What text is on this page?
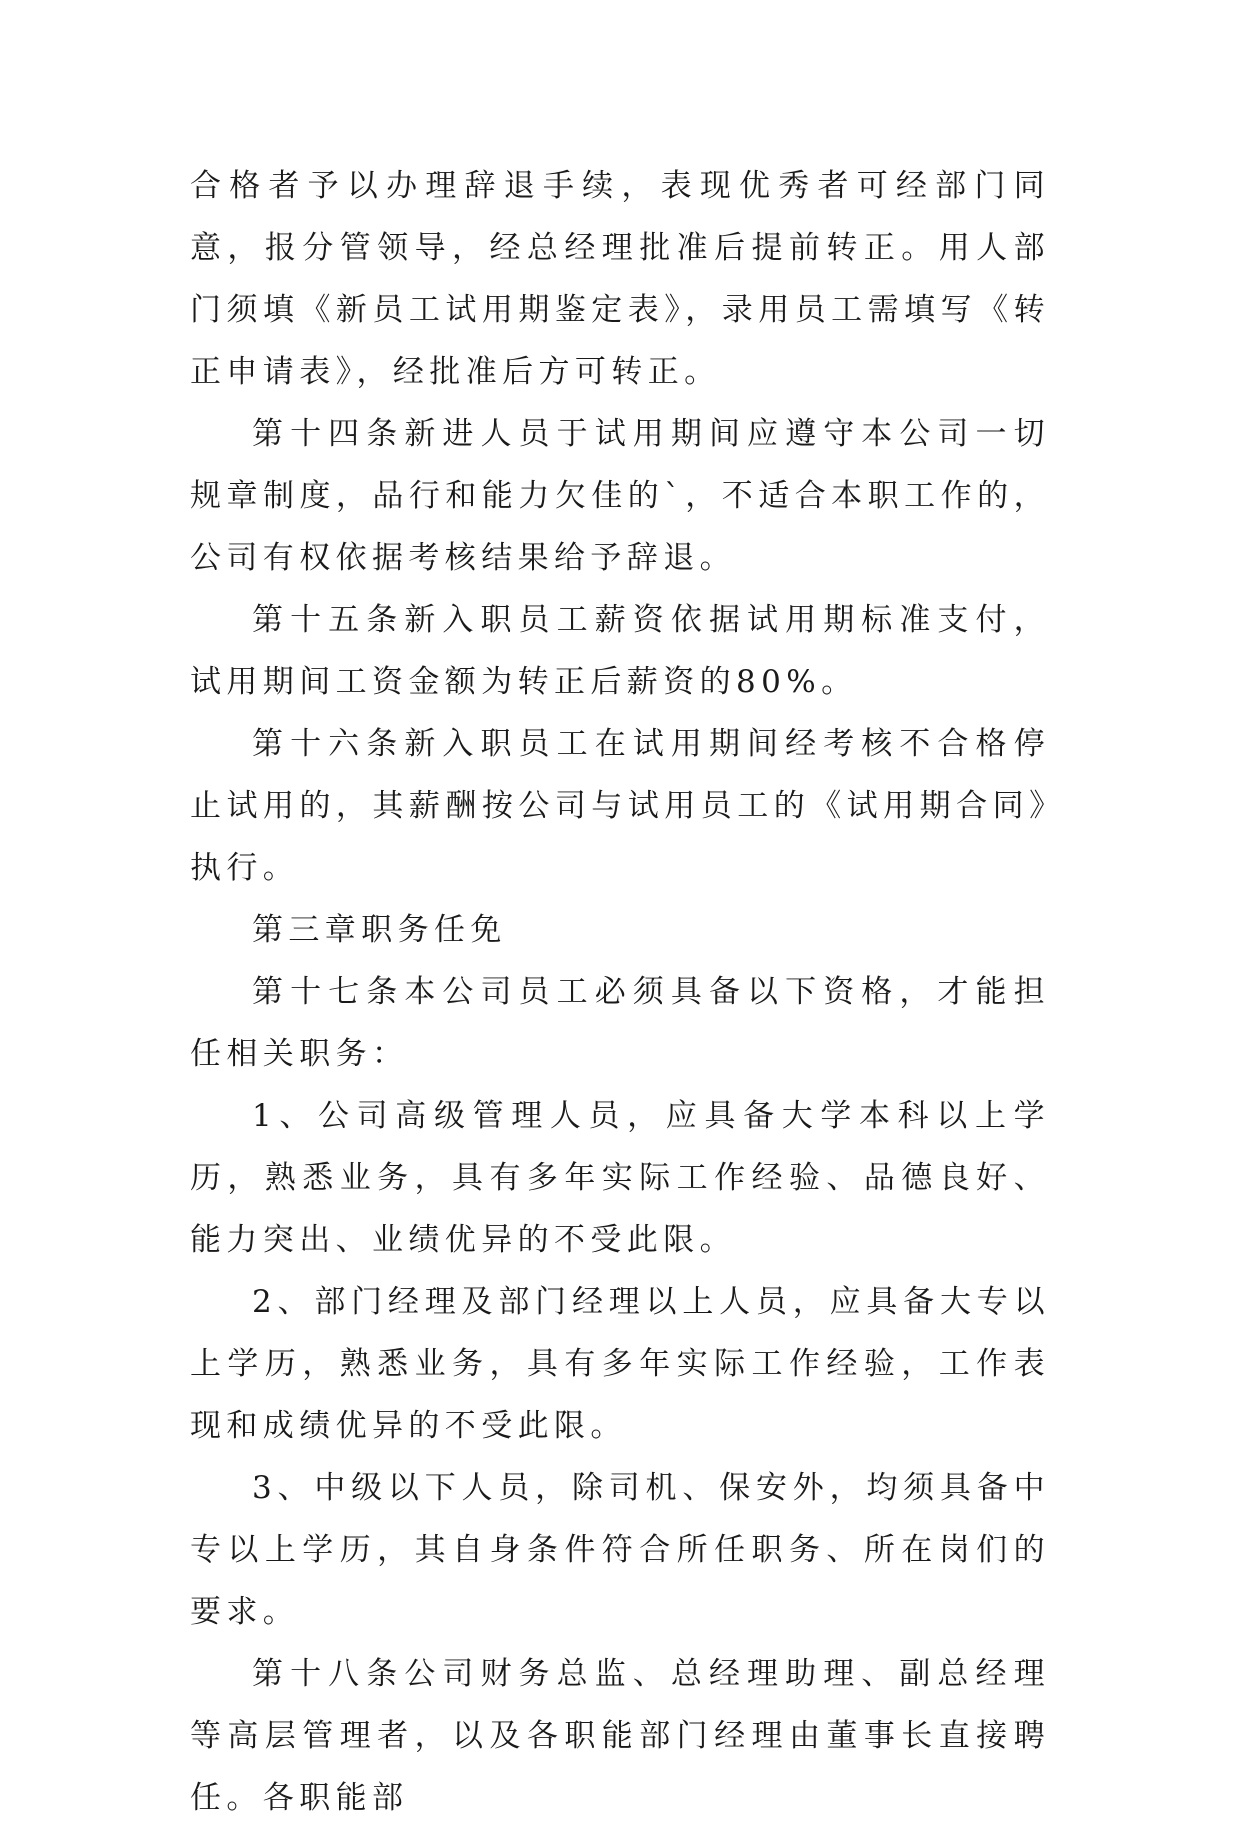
合格者予以办理辞退手续，表现优秀者可经部门同意，报分管领导，经总经理批准后提前转正。用人部门须填《新员工试用期鉴定表》，录用员工需填写《转正申请表》，经批准后方可转正。

第十四条新进人员于试用期间应遵守本公司一切规章制度，品行和能力欠佳的`，不适合本职工作的，公司有权依据考核结果给予辞退。

第十五条新入职员工薪资依据试用期标准支付，试用期间工资金额为转正后薪资的80%。

第十六条新入职员工在试用期间经考核不合格停止试用的，其薪酬按公司与试用员工的《试用期合同》执行。

第三章职务任免

第十七条本公司员工必须具备以下资格，才能担任相关职务：

1、公司高级管理人员，应具备大学本科以上学历，熟悉业务，具有多年实际工作经验、品德良好、能力突出、业绩优异的不受此限。

2、部门经理及部门经理以上人员，应具备大专以上学历，熟悉业务，具有多年实际工作经验，工作表现和成绩优异的不受此限。

3、中级以下人员，除司机、保安外，均须具备中专以上学历，其自身条件符合所任职务、所在岗们的要求。

第十八条公司财务总监、总经理助理、副总经理等高层管理者，以及各职能部门经理由董事长直接聘任。各职能部
